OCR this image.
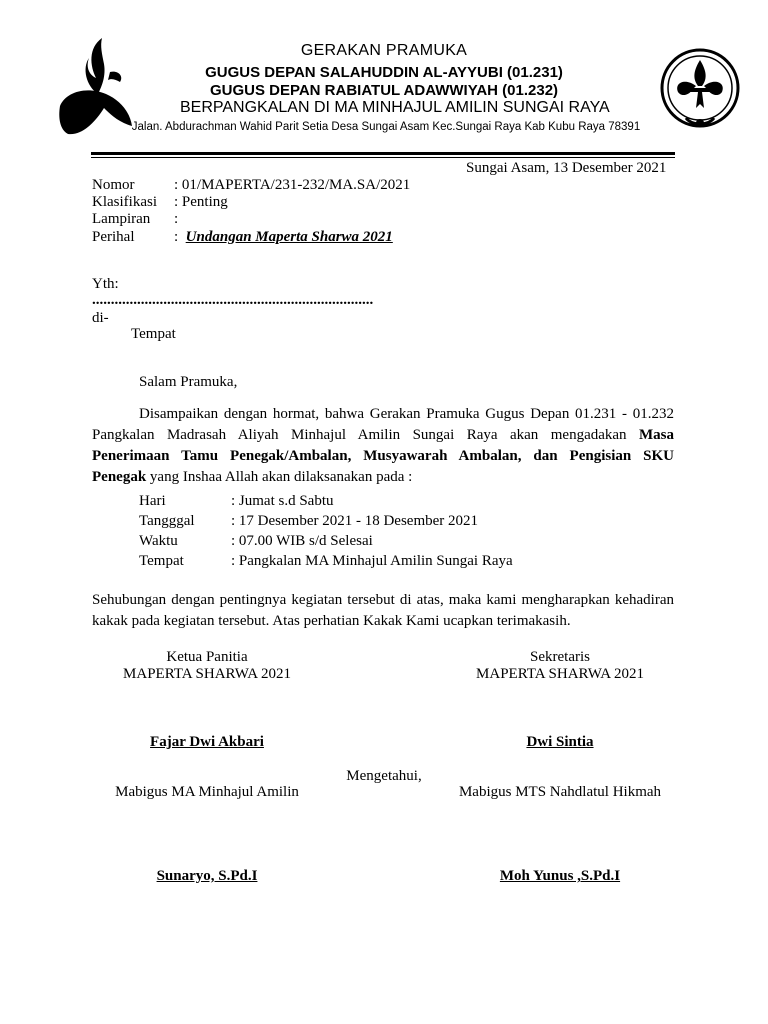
GERAKAN PRAMUKA
GUGUS DEPAN SALAHUDDIN AL-AYYUBI (01.231)
GUGUS DEPAN RABIATUL ADAWWIYAH (01.232)
BERPANGKALAN DI MA MINHAJUL AMILIN SUNGAI RAYA
Jalan. Abdurachman Wahid Parit Setia Desa Sungai Asam Kec.Sungai Raya Kab Kubu Raya 78391
Sungai Asam, 13 Desember 2021
Nomor	: 01/MAPERTA/231-232/MA.SA/2021
Klasifikasi : Penting
Lampiran :
Perihal	:  Undangan Maperta Sharwa 2021
Yth:
...........................................................................
di-
Tempat
Salam Pramuka,
Disampaikan dengan hormat, bahwa Gerakan Pramuka Gugus Depan 01.231 - 01.232 Pangkalan Madrasah Aliyah Minhajul Amilin Sungai Raya akan mengadakan Masa Penerimaan Tamu Penegak/Ambalan, Musyawarah Ambalan, dan Pengisian SKU Penegak yang Inshaa Allah akan dilaksanakan pada :
Hari	: Jumat s.d Sabtu
Tangggal : 17 Desember 2021 - 18 Desember 2021
Waktu	: 07.00 WIB s/d Selesai
Tempat	: Pangkalan MA Minhajul Amilin Sungai Raya
Sehubungan dengan pentingnya kegiatan tersebut di atas, maka kami mengharapkan kehadiran kakak pada kegiatan tersebut. Atas perhatian Kakak Kami ucapkan terimakasih.
Ketua Panitia
MAPERTA SHARWA 2021
Fajar Dwi Akbari
Sekretaris
MAPERTA SHARWA 2021
Dwi Sintia
Mengetahui,
Mabigus MA Minhajul Amilin
Sunaryo, S.Pd.I
Mabigus MTS Nahdlatul Hikmah
Moh Yunus ,S.Pd.I
